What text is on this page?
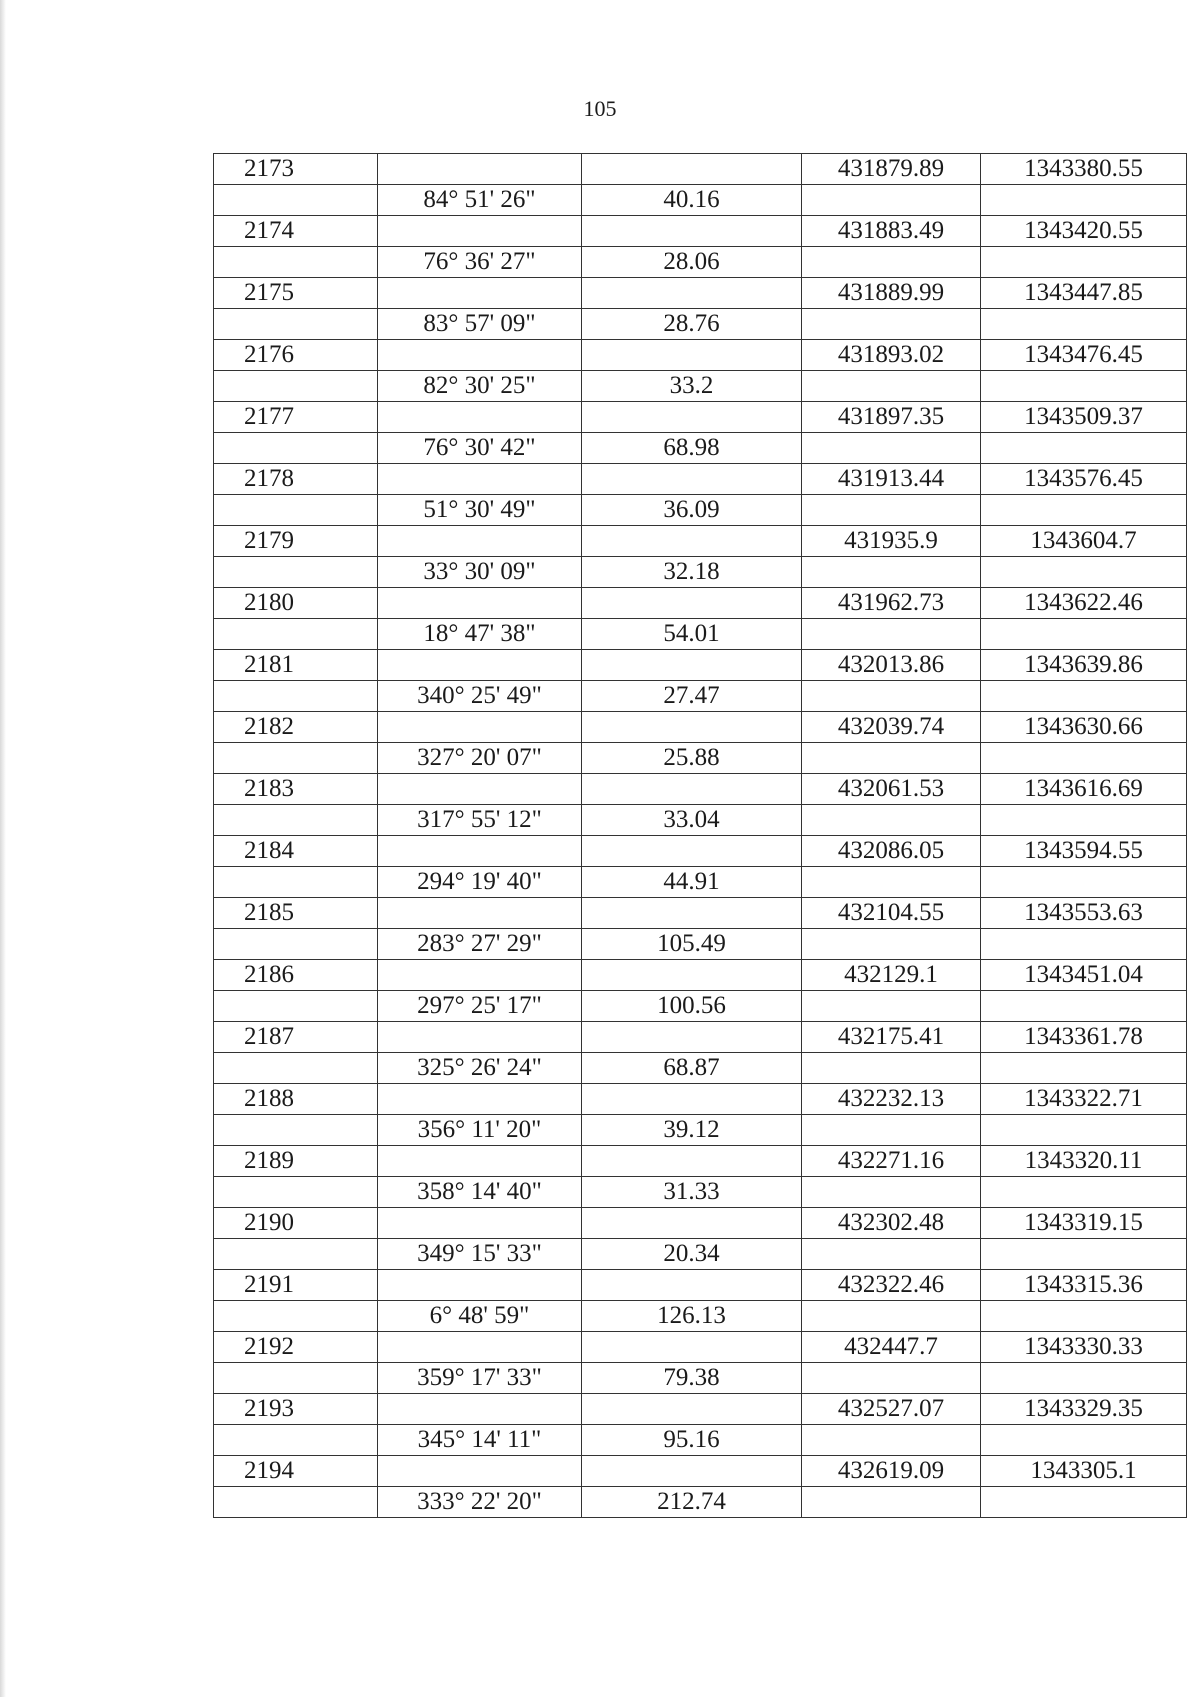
105
2173			431879.89	1343380.55
	84° 51' 26"	40.16		
2174			431883.49	1343420.55
	76° 36' 27"	28.06		
2175			431889.99	1343447.85
	83° 57' 09"	28.76		
2176			431893.02	1343476.45
	82° 30' 25"	33.2		
2177			431897.35	1343509.37
	76° 30' 42"	68.98		
2178			431913.44	1343576.45
	51° 30' 49"	36.09		
2179			431935.9	1343604.7
	33° 30' 09"	32.18		
2180			431962.73	1343622.46
	18° 47' 38"	54.01		
2181			432013.86	1343639.86
	340° 25' 49"	27.47		
2182			432039.74	1343630.66
	327° 20' 07"	25.88		
2183			432061.53	1343616.69
	317° 55' 12"	33.04		
2184			432086.05	1343594.55
	294° 19' 40"	44.91		
2185			432104.55	1343553.63
	283° 27' 29"	105.49		
2186			432129.1	1343451.04
	297° 25' 17"	100.56		
2187			432175.41	1343361.78
	325° 26' 24"	68.87		
2188			432232.13	1343322.71
	356° 11' 20"	39.12		
2189			432271.16	1343320.11
	358° 14' 40"	31.33		
2190			432302.48	1343319.15
	349° 15' 33"	20.34		
2191			432322.46	1343315.36
	6° 48' 59"	126.13		
2192			432447.7	1343330.33
	359° 17' 33"	79.38		
2193			432527.07	1343329.35
	345° 14' 11"	95.16		
2194			432619.09	1343305.1
	333° 22' 20"	212.74		
